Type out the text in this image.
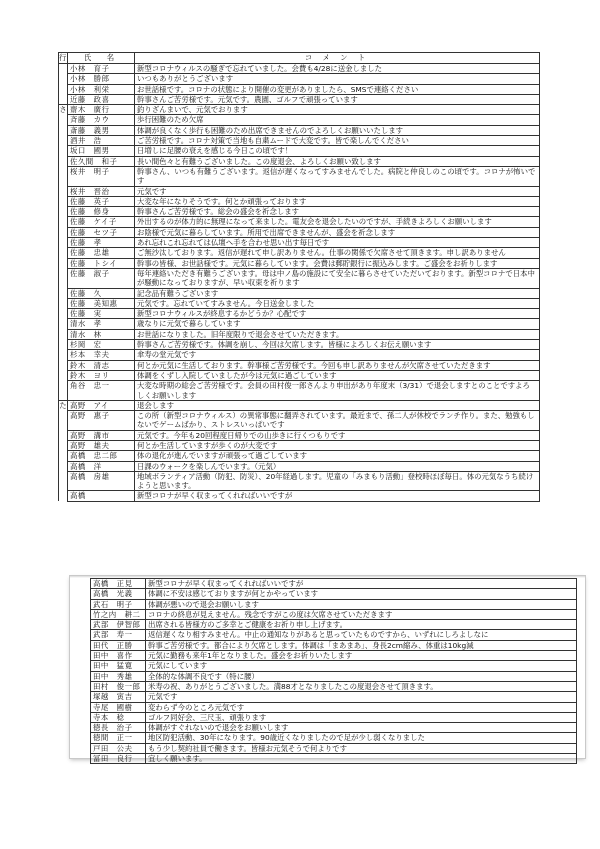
行	氏　名	コ メ ン ト
	小林　育子	新型コロナウィルスの騒ぎで忘れていました。会費も4/28に送金しました
	小林　勝郎	いつもありがとうございます
	小林　利栄	お世話様です。コロナの状態により開催の変更がありましたら、SMSで連絡ください
	近藤　政喜	幹事さんご苦労様です。元気です。農園、ゴルフで頑張っています
さ	齋木　廣行	釣りざんまいで、元気でおります
	斉藤　カウ	歩行困難のため欠席
	斎藤　義男	体調が良くなく歩行も困難のため出席できませんのでよろしくお願いいたします
	酒井　浩	ご苦労様です。コロナ対策で当地も自粛ムードで大変です。皆で楽しんでください
	坂口　國男	日増しに足腰の衰えを感じる今日この頃です！
	佐久間　和子	長い間色々と有難うございました。この度退会、よろしくお願い致します
	桜井　明子	幹事さん、いつも有難うございます。返信が遅くなってすみませんでした。病院と仲良しのこの頃です。コロナが怖いです
	桜井　晋治	元気です
	佐藤　英子	大変な年になりそうです。何とか頑張っております
	佐藤　修身	幹事さんご苦労様です。総会の盛会を祈念します
	佐藤　ケイ子	外出するのが体力的に無理になって来ました。電友会を退会したいのですが、手続きよろしくお願いします
	佐藤　セツ子	お陰様で元気に暮らしています。所用で出席できませんが、盛会を祈念します
	佐藤　孝	あれ忘れこれ忘れては仏壇へ手を合わせ思い出す毎日です
	佐藤　忠雄	ご無沙汰しております。返信が遅れて申し訳ありません。仕事の関係で欠席させて頂きます。申し訳ありません
	佐藤　トシイ	幹事の皆様、お世話様です。元気に暮らしています。会費は郵貯銀行に振込みします。ご盛会をお祈りします
	佐藤　淑子	毎年連絡いただき有難うございます。母は中ノ島の施設にて安全に暮らさせていただいております。新型コロナで日本中が騒動になっておりますが、早い収束を祈ります
	佐藤　久	記念品有難うございます
	佐藤　美知惠	元気です。忘れていてすみません。今日送金しました
	佐藤　実	新型コロナウィルスが終息するかどうか？心配です
	清水　孝	歳なりに元気で暮らしています
	清水　林	お世話になりました。旧年度限りで退会させていただきます。
	杉岡　宏	幹事さんご苦労様です。体調を崩し、今回は欠席します。皆様によろしくお伝え願います
	杉本　幸夫	傘寿の堂元気です
	鈴木　清志	何とか元気に生活しております。幹事様ご苦労様です。今回も申し訳ありませんが欠席させていただきます
	鈴木　ヨリ	体調をくずし入院していましたが今は元気に過ごしています
	角谷　忠一	大変な時期の総会ご苦労様です。会員の田村俊一郎さんより申出があり年度末（3/31）で退会しますとのことですよろしくお願いします
た	高野　アイ	退会します
	高野　惠子	この所（新型コロナウィルス）の異常事態に翻弄されています。最近まで、孫二人が休校でランチ作り。また、勉強もしないでゲームばかり、ストレスいっぱいです
	高野　溝市	元気です。今年も20回程度日帰りでの山歩きに行くつもりです
	高野　雄夫	何とか生活していますが歩くのが大変です
	高橋　忠二郎	体の退化が進んでいますが頑張って過ごしています
	高橋　洋	日課のウォークを楽しんでいます。（元気）
	高橋　房雄	地域ボランティア活動（防犯、防災）、20年経過します。児童の「みまもり活動」登校時ほぼ毎日。体の元気なうち続けようと思います。
	高橋	新型コロナが早く収まってくれればいいですが
高橋　正見	新型コロナが早く収まってくれればいいですが
高橋　光義	体調に不安は感じておりますが何とかやっています
武石　明子	体調が悪いので退会お願いします
竹之内　耕二	コロナの終息が見えません。残念ですがこの度は欠席させていただきます
武部　伊智郎	出席される皆様方のご多幸とご健康をお祈り申し上げます。
武部　寿一	返信遅くなり相すみません。中止の通知なりがあると思っていたものですから、いずれにしろよしなに
田代　正勝	幹事ご苦労様です。都合により欠席とします。体調は「まあまあ」、身長2cm縮み、体重は10kg減
田中　喜作	元気に勤務も来年1年となりました。盛会をお祈りいたします
田中　猛寛	元気にしています
田中　秀雄	全体的な体調不良です（特に腰）
田村　俊一郎	米寿の祝、ありがとうございました。満88才となりましたこの度退会させて頂きます。
塚越　寅吉	元気です
寺尾　國樹	変わらず今のところ元気です
寺本　稔	ゴルフ同好会、三尺玉、頑張ります
徳長　治子	体調がすぐれないので退会をお願いします
徳間　正一	地区防犯活動、30年になります。90歳近くなりましたので足が少し弱くなりました
戸田　公夫	もう少し契約社員で働きます。皆様お元気そうで何よりです
冨田　良行	宜しく願います。
